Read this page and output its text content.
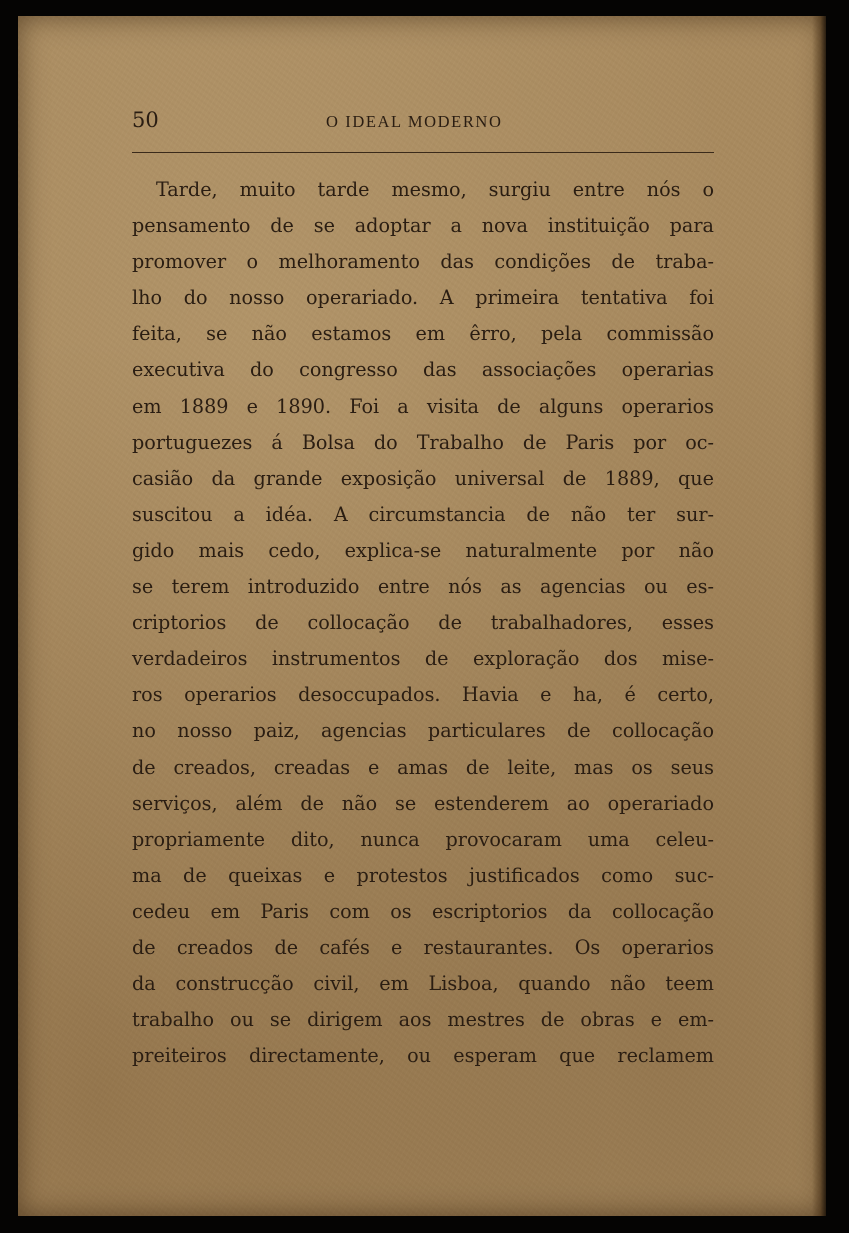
50	O IDEAL MODERNO
Tarde, muito tarde mesmo, surgiu entre nós o
pensamento de se adoptar a nova instituição para
promover o melhoramento das condições de traba-
lho do nosso operariado. A primeira tentativa foi
feita, se não estamos em êrro, pela commissão
executiva do congresso das associações operarias
em 1889 e 1890. Foi a visita de alguns operarios
portuguezes á Bolsa do Trabalho de Paris por oc-
casião da grande exposição universal de 1889, que
suscitou a idéa. A circumstancia de não ter sur-
gido mais cedo, explica-se naturalmente por não
se terem introduzido entre nós as agencias ou es-
criptorios de collocação de trabalhadores, esses
verdadeiros instrumentos de exploração dos mise-
ros operarios desoccupados. Havia e ha, é certo,
no nosso paiz, agencias particulares de collocação
de creados, creadas e amas de leite, mas os seus
serviços, além de não se estenderem ao operariado
propriamente dito, nunca provocaram uma celeu-
ma de queixas e protestos justificados como suc-
cedeu em Paris com os escriptorios da collocação
de creados de cafés e restaurantes. Os operarios
da construcção civil, em Lisboa, quando não teem
trabalho ou se dirigem aos mestres de obras e em-
preiteiros directamente, ou esperam que reclamem
